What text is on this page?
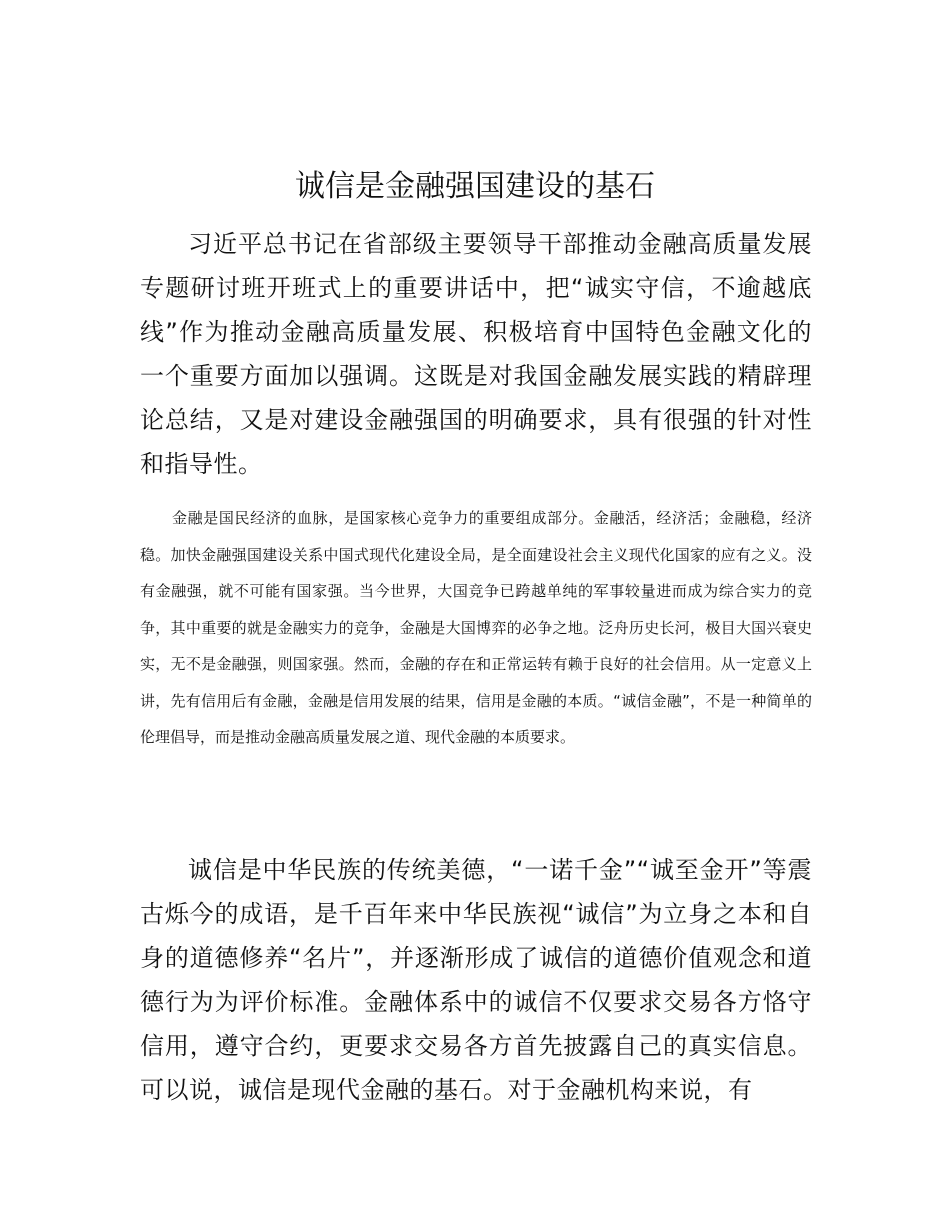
诚信是金融强国建设的基石

习近平总书记在省部级主要领导干部推动金融高质量发展专题研讨班开班式上的重要讲话中，把“诚实守信，不逾越底线”作为推动金融高质量发展、积极培育中国特色金融文化的一个重要方面加以强调。这既是对我国金融发展实践的精辟理论总结，又是对建设金融强国的明确要求，具有很强的针对性和指导性。

金融是国民经济的血脉，是国家核心竞争力的重要组成部分。金融活，经济活；金融稳，经济稳。加快金融强国建设关系中国式现代化建设全局，是全面建设社会主义现代化国家的应有之义。没有金融强，就不可能有国家强。当今世界，大国竞争已跨越单纯的军事较量进而成为综合实力的竞争，其中重要的就是金融实力的竞争，金融是大国博弈的必争之地。泛舟历史长河，极目大国兴衰史实，无不是金融强，则国家强。然而，金融的存在和正常运转有赖于良好的社会信用。从一定意义上讲，先有信用后有金融，金融是信用发展的结果，信用是金融的本质。“诚信金融”，不是一种简单的伦理倡导，而是推动金融高质量发展之道、现代金融的本质要求。

诚信是中华民族的传统美德，“一诺千金”“诚至金开”等震古烁今的成语，是千百年来中华民族视“诚信”为立身之本和自身的道德修养“名片”，并逐渐形成了诚信的道德价值观念和道德行为为评价标准。金融体系中的诚信不仅要求交易各方恪守信用，遵守合约，更要求交易各方首先披露自己的真实信息。可以说，诚信是现代金融的基石。对于金融机构来说，有
